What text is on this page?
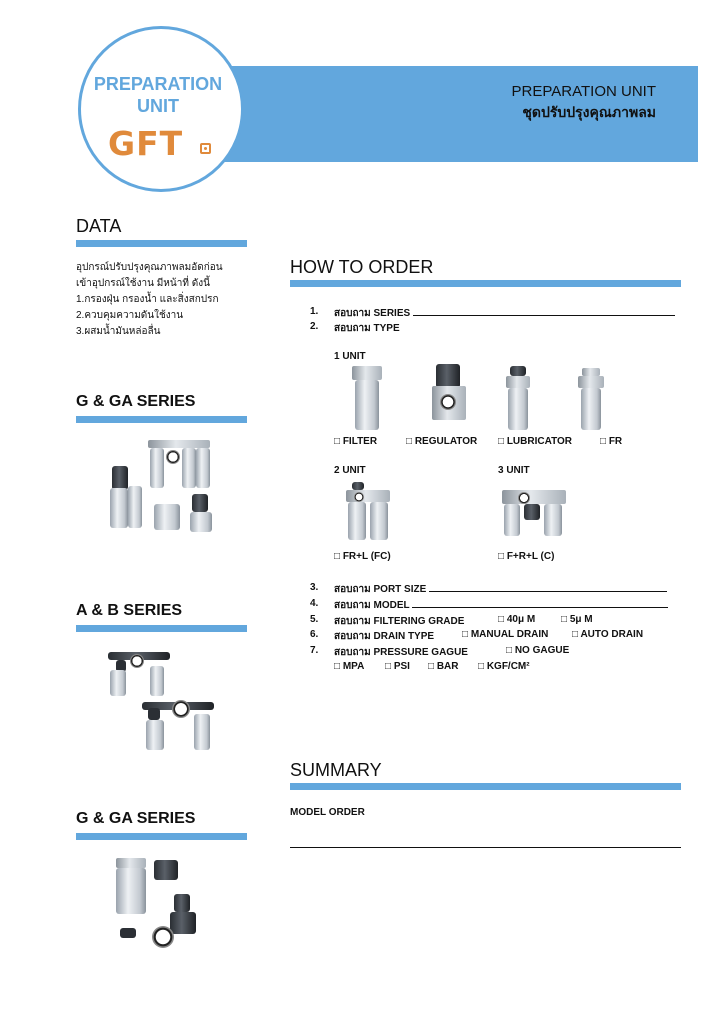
PREPARATION UNIT
ชุดปรับปรุงคุณภาพลม
PREPARATION
UNIT
GFT
DATA
อุปกรณ์ปรับปรุงคุณภาพลมอัดก่อน
เข้าอุปกรณ์ใช้งาน มีหน้าที่ ดังนี้
1.กรองฝุ่น กรองน้ำ และสิ่งสกปรก
2.ควบคุมความดันใช้งาน
3.ผสมน้ำมันหล่อลื่น
G & GA SERIES
A & B SERIES
G & GA SERIES
HOW TO ORDER
1. สอบถาม SERIES
2. สอบถาม TYPE
1 UNIT
□ FILTER	□ REGULATOR □ LUBRICATOR	□ FR
2 UNIT	3 UNIT
□ FR+L (FC)	□ F+R+L (C)
3. สอบถาม PORT SIZE
4. สอบถาม MODEL
5. สอบถาม FILTERING GRADE	□ 40μ M	□ 5μ M
6. สอบถาม DRAIN TYPE	□ MANUAL DRAIN □ AUTO DRAIN
7. สอบถาม PRESSURE GAGUE	□ NO GAGUE
□ MPA □ PSI □ BAR □ KGF/CM²
SUMMARY
MODEL ORDER
